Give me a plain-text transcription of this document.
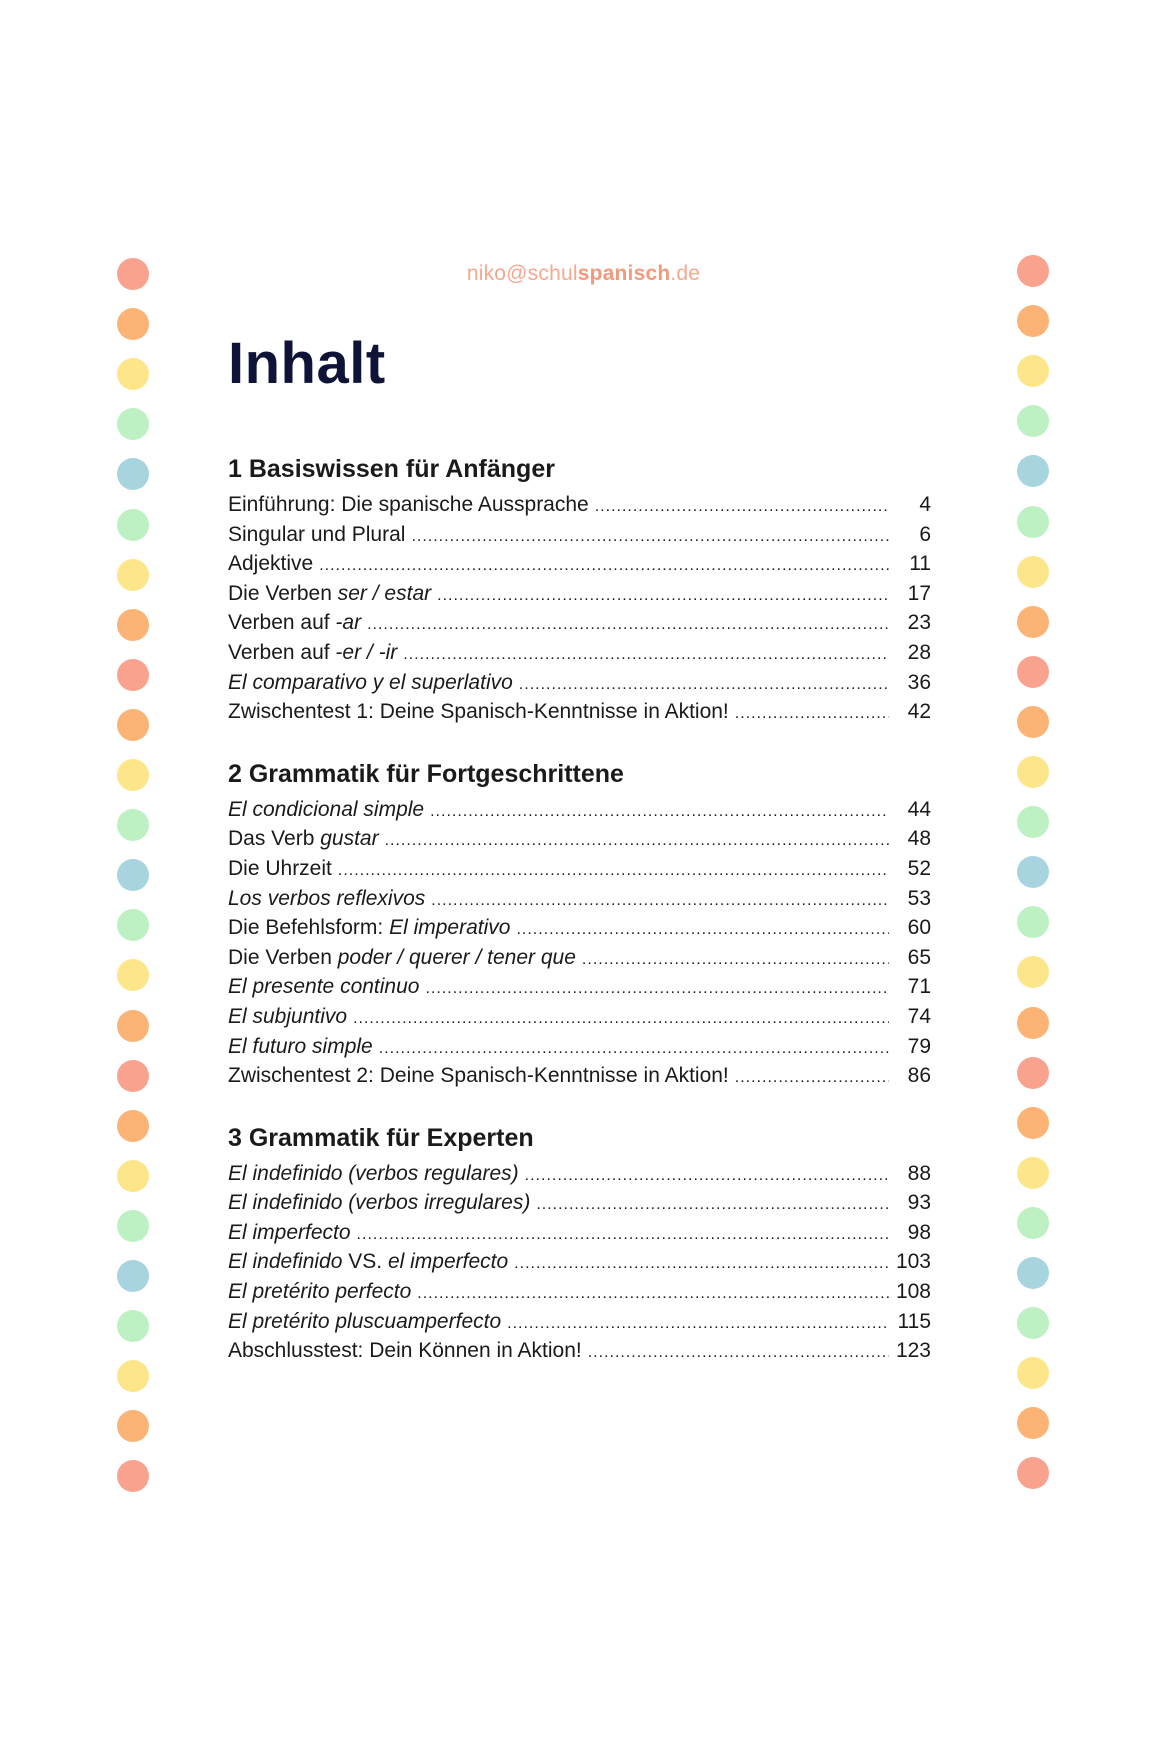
niko@schulspanisch.de
Inhalt
1 Basiswissen für Anfänger
Einführung: Die spanische Aussprache .....	4
Singular und Plural .....	6
Adjektive .....	11
Die Verben ser / estar .....	17
Verben auf -ar .....	23
Verben auf -er / -ir .....	28
El comparativo y el superlativo .....	36
Zwischentest 1: Deine Spanisch-Kenntnisse in Aktion! .....	42
2 Grammatik für Fortgeschrittene
El condicional simple .....	44
Das Verb gustar .....	48
Die Uhrzeit .....	52
Los verbos reflexivos .....	53
Die Befehlsform: El imperativo .....	60
Die Verben poder / querer / tener que .....	65
El presente continuo .....	71
El subjuntivo .....	74
El futuro simple .....	79
Zwischentest 2: Deine Spanisch-Kenntnisse in Aktion! .....	86
3 Grammatik für Experten
El indefinido (verbos regulares) .....	88
El indefinido (verbos irregulares) .....	93
El imperfecto .....	98
El indefinido VS. el imperfecto .....	103
El pretérito perfecto .....	108
El pretérito pluscuamperfecto .....	115
Abschlusstest: Dein Können in Aktion! .....	123
